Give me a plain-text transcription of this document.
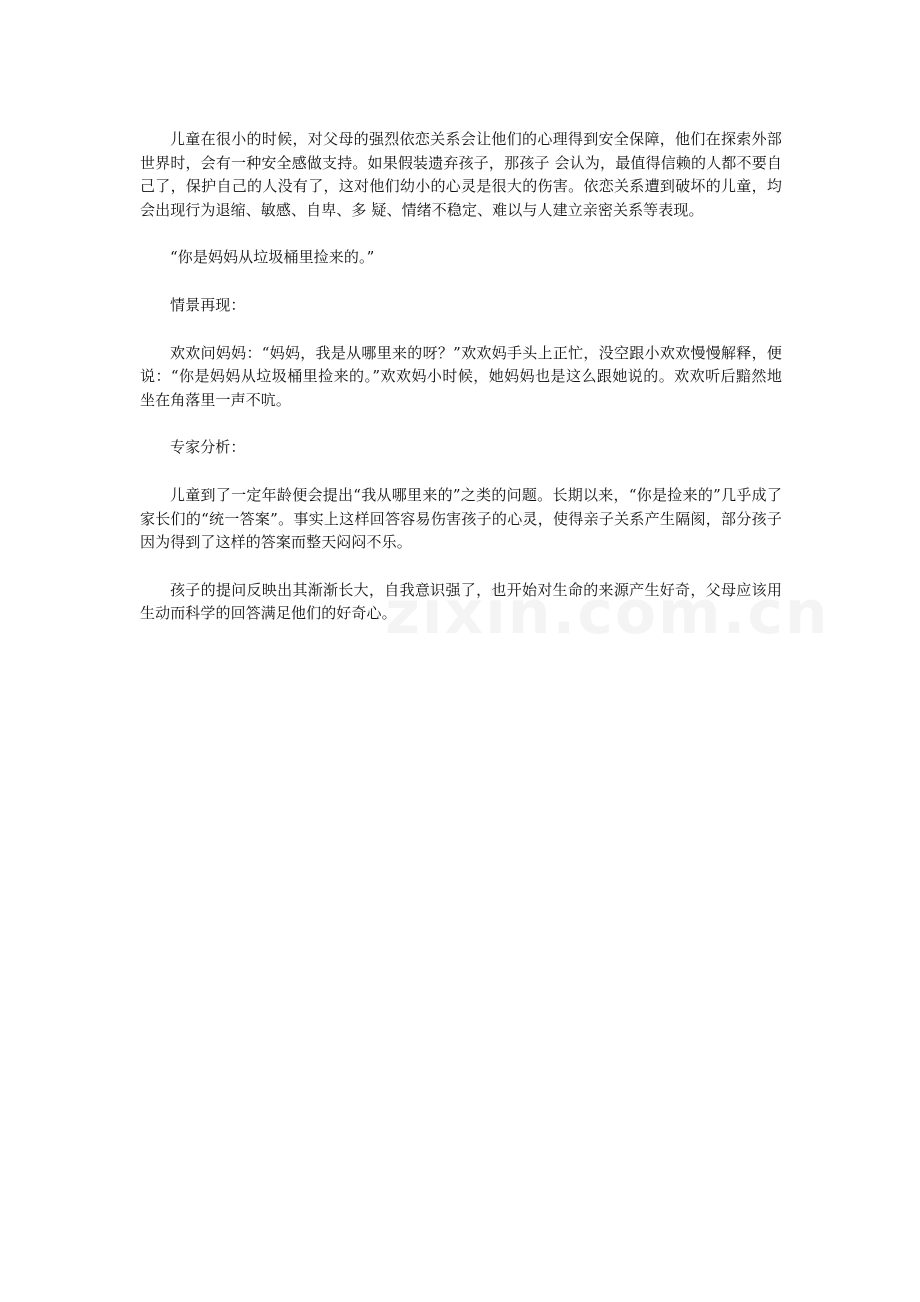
儿童在很小的时候，对父母的强烈依恋关系会让他们的心理得到安全保障，他们在探索外部世界时，会有一种安全感做支持。如果假装遗弃孩子，那孩子 会认为，最值得信赖的人都不要自己了，保护自己的人没有了，这对他们幼小的心灵是很大的伤害。依恋关系遭到破坏的儿童，均会出现行为退缩、敏感、自卑、多 疑、情绪不稳定、难以与人建立亲密关系等表现。

“你是妈妈从垃圾桶里捡来的。”

情景再现：

欢欢问妈妈：“妈妈，我是从哪里来的呀？”欢欢妈手头上正忙，没空跟小欢欢慢慢解释，便说：“你是妈妈从垃圾桶里捡来的。”欢欢妈小时候，她妈妈也是这么跟她说的。欢欢听后黯然地坐在角落里一声不吭。

专家分析：

儿童到了一定年龄便会提出“我从哪里来的”之类的问题。长期以来，“你是捡来的”几乎成了家长们的“统一答案”。事实上这样回答容易伤害孩子的心灵，使得亲子关系产生隔阂，部分孩子因为得到了这样的答案而整天闷闷不乐。

孩子的提问反映出其渐渐长大，自我意识强了，也开始对生命的来源产生好奇，父母应该用生动而科学的回答满足他们的好奇心。
